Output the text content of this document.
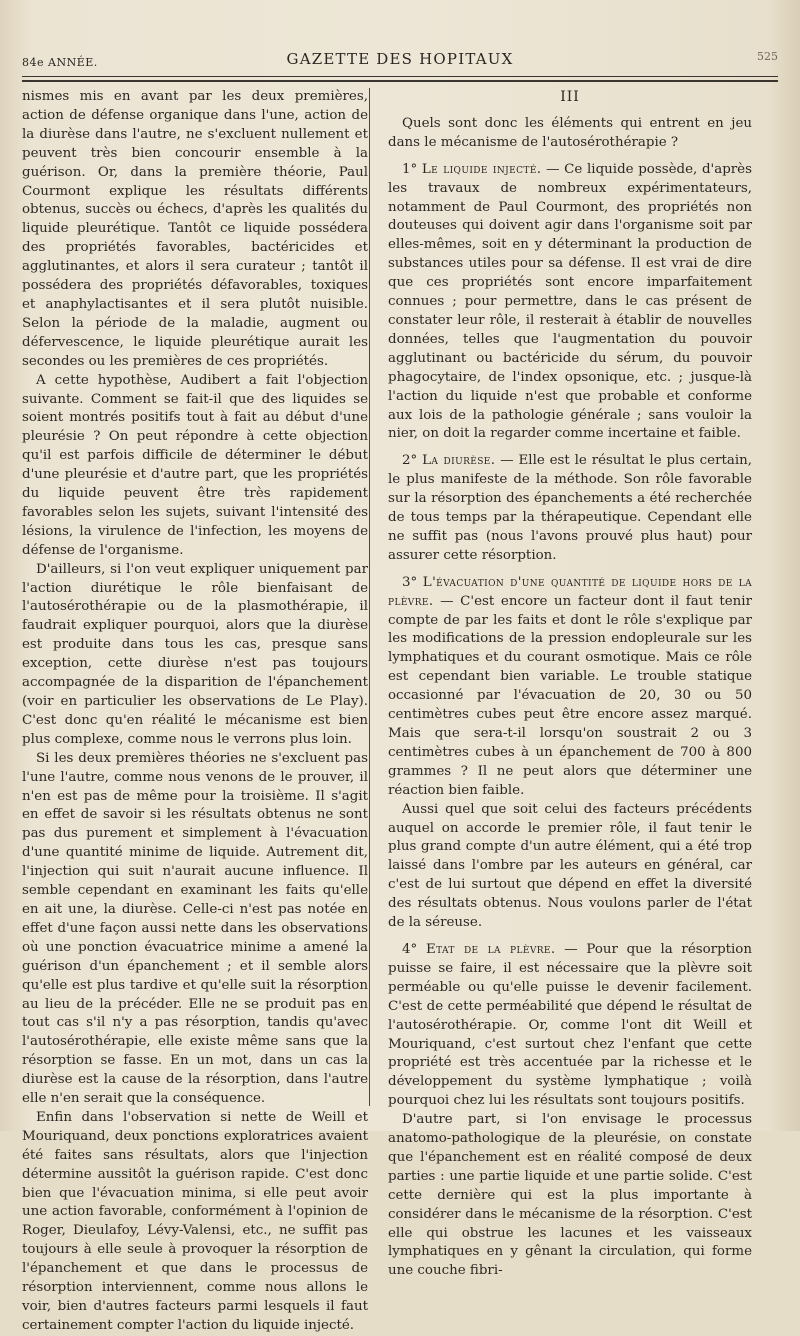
84e ANNÉE.	GAZETTE DES HOPITAUX	525

nismes mis en avant par les deux premières, action de défense organique dans l'une, action de la diurèse dans l'autre, ne s'excluent nullement et peuvent très bien concourir ensemble à la guérison. Or, dans la première théorie, Paul Courmont explique les résultats différents obtenus, succès ou échecs, d'après les qualités du liquide pleurétique. Tantôt ce liquide possédera des propriétés favorables, bactéricides et agglutinantes, et alors il sera curateur ; tantôt il possédera des propriétés défavorables, toxiques et anaphylactisantes et il sera plutôt nuisible. Selon la période de la maladie, augment ou défervescence, le liquide pleurétique aurait les secondes ou les premières de ces propriétés.

A cette hypothèse, Audibert a fait l'objection suivante. Comment se fait-il que des liquides se soient montrés positifs tout à fait au début d'une pleurésie ? On peut répondre à cette objection qu'il est parfois difficile de déterminer le début d'une pleurésie et d'autre part, que les propriétés du liquide peuvent être très rapidement favorables selon les sujets, suivant l'intensité des lésions, la virulence de l'infection, les moyens de défense de l'organisme.

D'ailleurs, si l'on veut expliquer uniquement par l'action diurétique le rôle bienfaisant de l'autosérothérapie ou de la plasmothérapie, il faudrait expliquer pourquoi, alors que la diurèse est produite dans tous les cas, presque sans exception, cette diurèse n'est pas toujours accompagnée de la disparition de l'épanchement (voir en particulier les observations de Le Play). C'est donc qu'en réalité le mécanisme est bien plus complexe, comme nous le verrons plus loin.

Si les deux premières théories ne s'excluent pas l'une l'autre, comme nous venons de le prouver, il n'en est pas de même pour la troisième. Il s'agit en effet de savoir si les résultats obtenus ne sont pas dus purement et simplement à l'évacuation d'une quantité minime de liquide. Autrement dit, l'injection qui suit n'aurait aucune influence. Il semble cependant en examinant les faits qu'elle en ait une, la diurèse. Celle-ci n'est pas notée en effet d'une façon aussi nette dans les observations où une ponction évacuatrice minime a amené la guérison d'un épanchement ; et il semble alors qu'elle est plus tardive et qu'elle suit la résorption au lieu de la précéder. Elle ne se produit pas en tout cas s'il n'y a pas résorption, tandis qu'avec l'autosérothérapie, elle existe même sans que la résorption se fasse. En un mot, dans un cas la diurèse est la cause de la résorption, dans l'autre elle n'en serait que la conséquence.

Enfin dans l'observation si nette de Weill et Mouriquand, deux ponctions exploratrices avaient été faites sans résultats, alors que l'injection détermine aussitôt la guérison rapide. C'est donc bien que l'évacuation minima, si elle peut avoir une action favorable, conformément à l'opinion de Roger, Dieulafoy, Lévy-Valensi, etc., ne suffit pas toujours à elle seule à provoquer la résorption de l'épanchement et que dans le processus de résorption interviennent, comme nous allons le voir, bien d'autres facteurs parmi lesquels il faut certainement compter l'action du liquide injecté.

III

Quels sont donc les éléments qui entrent en jeu dans le mécanisme de l'autosérothérapie ?

1° Le liquide injecté. — Ce liquide possède, d'après les travaux de nombreux expérimentateurs, notamment de Paul Courmont, des propriétés non douteuses qui doivent agir dans l'organisme soit par elles-mêmes, soit en y déterminant la production de substances utiles pour sa défense. Il est vrai de dire que ces propriétés sont encore imparfaitement connues ; pour permettre, dans le cas présent de constater leur rôle, il resterait à établir de nouvelles données, telles que l'augmentation du pouvoir agglutinant ou bactéricide du sérum, du pouvoir phagocytaire, de l'index opsonique, etc. ; jusque-là l'action du liquide n'est que probable et conforme aux lois de la pathologie générale ; sans vouloir la nier, on doit la regarder comme incertaine et faible.

2° La diurèse. — Elle est le résultat le plus certain, le plus manifeste de la méthode. Son rôle favorable sur la résorption des épanchements a été recherchée de tous temps par la thérapeutique. Cependant elle ne suffit pas (nous l'avons prouvé plus haut) pour assurer cette résorption.

3° L'évacuation d'une quantité de liquide hors de la plèvre. — C'est encore un facteur dont il faut tenir compte de par les faits et dont le rôle s'explique par les modifications de la pression endopleurale sur les lymphatiques et du courant osmotique. Mais ce rôle est cependant bien variable. Le trouble statique occasionné par l'évacuation de 20, 30 ou 50 centimètres cubes peut être encore assez marqué. Mais que sera-t-il lorsqu'on soustrait 2 ou 3 centimètres cubes à un épanchement de 700 à 800 grammes ? Il ne peut alors que déterminer une réaction bien faible.

Aussi quel que soit celui des facteurs précédents auquel on accorde le premier rôle, il faut tenir le plus grand compte d'un autre élément, qui a été trop laissé dans l'ombre par les auteurs en général, car c'est de lui surtout que dépend en effet la diversité des résultats obtenus. Nous voulons parler de l'état de la séreuse.

4° Etat de la plèvre. — Pour que la résorption puisse se faire, il est nécessaire que la plèvre soit perméable ou qu'elle puisse le devenir facilement. C'est de cette perméabilité que dépend le résultat de l'autosérothérapie. Or, comme l'ont dit Weill et Mouriquand, c'est surtout chez l'enfant que cette propriété est très accentuée par la richesse et le développement du système lymphatique ; voilà pourquoi chez lui les résultats sont toujours positifs.

D'autre part, si l'on envisage le processus anatomo-pathologique de la pleurésie, on constate que l'épanchement est en réalité composé de deux parties : une partie liquide et une partie solide. C'est cette dernière qui est la plus importante à considérer dans le mécanisme de la résorption. C'est elle qui obstrue les lacunes et les vaisseaux lymphatiques en y gênant la circulation, qui forme une couche fibri-
